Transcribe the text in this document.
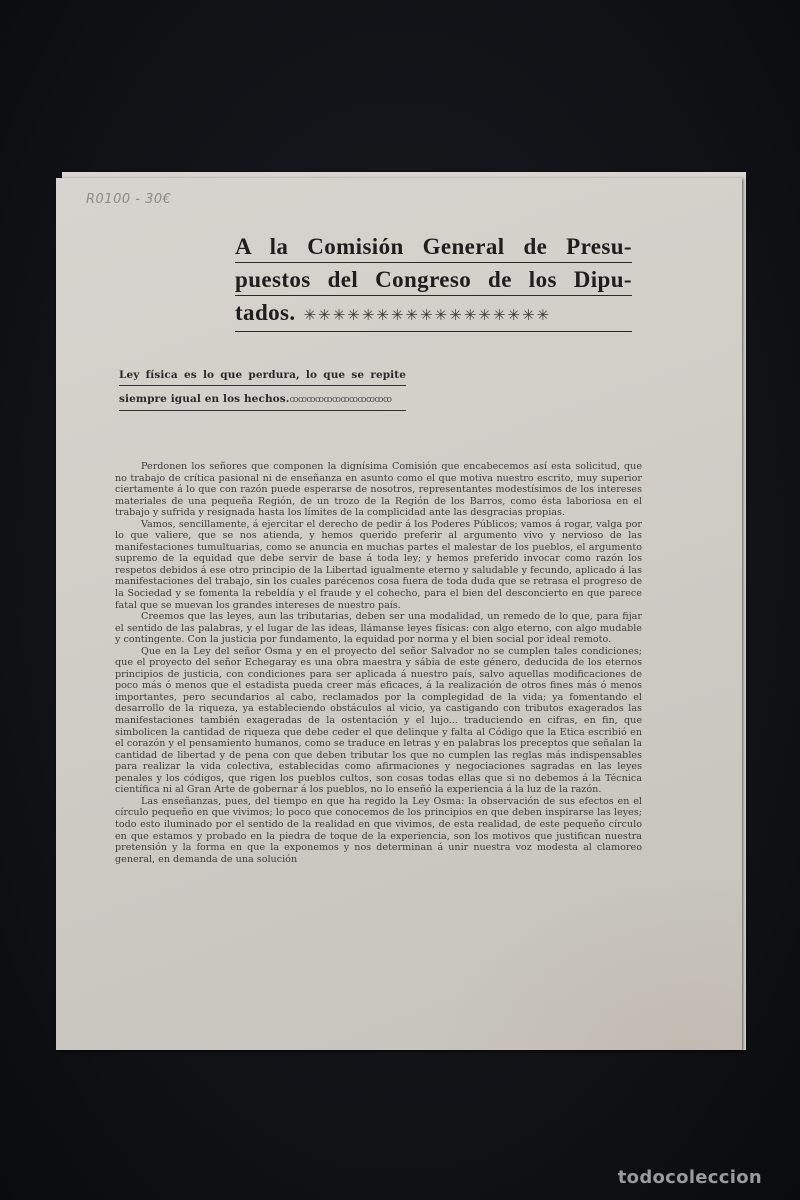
R0100 - 30€
A la Comisión General de Presu-
puestos del Congreso de los Dipu-
tados. ✳✳✳✳✳✳✳✳✳✳✳✳✳✳✳✳✳
Ley física es lo que perdura, lo que se repite
siempre igual en los hechos.ꝏꝏꝏꝏꝏꝏꝏꝏꝏꝏꝏꝏ

Perdonen los señores que componen la dignísima Comisión que encabecemos así esta solicitud, que no trabajo de crítica pasional ni de enseñanza en asunto como el que motiva nuestro escrito, muy superior ciertamente á lo que con razón puede esperarse de nosotros, representantes modestísimos de los intereses materiales de una pequeña Región, de un trozo de la Región de los Barros, como ésta laboriosa en el trabajo y sufrida y resignada hasta los límites de la complicidad ante las desgracias propias.

Vamos, sencillamente, á ejercitar el derecho de pedir á los Poderes Públicos; vamos á rogar, valga por lo que valiere, que se nos atienda, y hemos querido preferir al argumento vivo y nervioso de las manifestaciones tumultuarias, como se anuncia en muchas partes el malestar de los pueblos, el argumento supremo de la equidad que debe servir de base á toda ley; y hemos preferido invocar como razón los respetos debidos á ese otro principio de la Libertad igualmente eterno y saludable y fecundo, aplicado á las manifestaciones del trabajo, sin los cuales parécenos cosa fuera de toda duda que se retrasa el progreso de la Sociedad y se fomenta la rebeldía y el fraude y el cohecho, para el bien del desconcierto en que parece fatal que se muevan los grandes intereses de nuestro país.

Creemos que las leyes, aun las tributarias, deben ser una modalidad, un remedo de lo que, para fijar el sentido de las palabras, y el lugar de las ideas, llámanse leyes físicas: con algo eterno, con algo mudable y contingente. Con la justicia por fundamento, la equidad por norma y el bien social por ideal remoto.

Que en la Ley del señor Osma y en el proyecto del señor Salvador no se cumplen tales condiciones; que el proyecto del señor Echegaray es una obra maestra y sábia de este género, deducida de los eternos principios de justicia, con condiciones para ser aplicada á nuestro país, salvo aquellas modificaciones de poco más ó menos que el estadista pueda creer más eficaces, á la realización de otros fines más ó menos importantes, pero secundarios al cabo, reclamados por la complegidad de la vida; ya fomentando el desarrollo de la riqueza, ya estableciendo obstáculos al vicio, ya castigando con tributos exagerados las manifestaciones también exageradas de la ostentación y el lujo... traduciendo en cifras, en fin, que simbolicen la cantidad de riqueza que debe ceder el que delinque y falta al Código que la Etica escribió en el corazón y el pensamiento humanos, como se traduce en letras y en palabras los preceptos que señalan la cantidad de libertad y de pena con que deben tributar los que no cumplen las reglas más indispensables para realizar la vida colectiva, establecidas como afirmaciones y negociaciones sagradas en las leyes penales y los códigos, que rigen los pueblos cultos, son cosas todas ellas que si no debemos á la Técnica científica ni al Gran Arte de gobernar á los pueblos, no lo enseñó la experiencia á la luz de la razón.

Las enseñanzas, pues, del tiempo en que ha regido la Ley Osma: la observación de sus efectos en el círculo pequeño en que vivimos; lo poco que conocemos de los principios en que deben inspirarse las leyes; todo esto iluminado por el sentido de la realidad en que vivimos, de esta realidad, de este pequeño círculo en que estamos y probado en la piedra de toque de la experiencia, son los motivos que justifican nuestra pretensión y la forma en que la exponemos y nos determinan á unir nuestra voz modesta al clamoreo general, en demanda de una solución

todocoleccion
